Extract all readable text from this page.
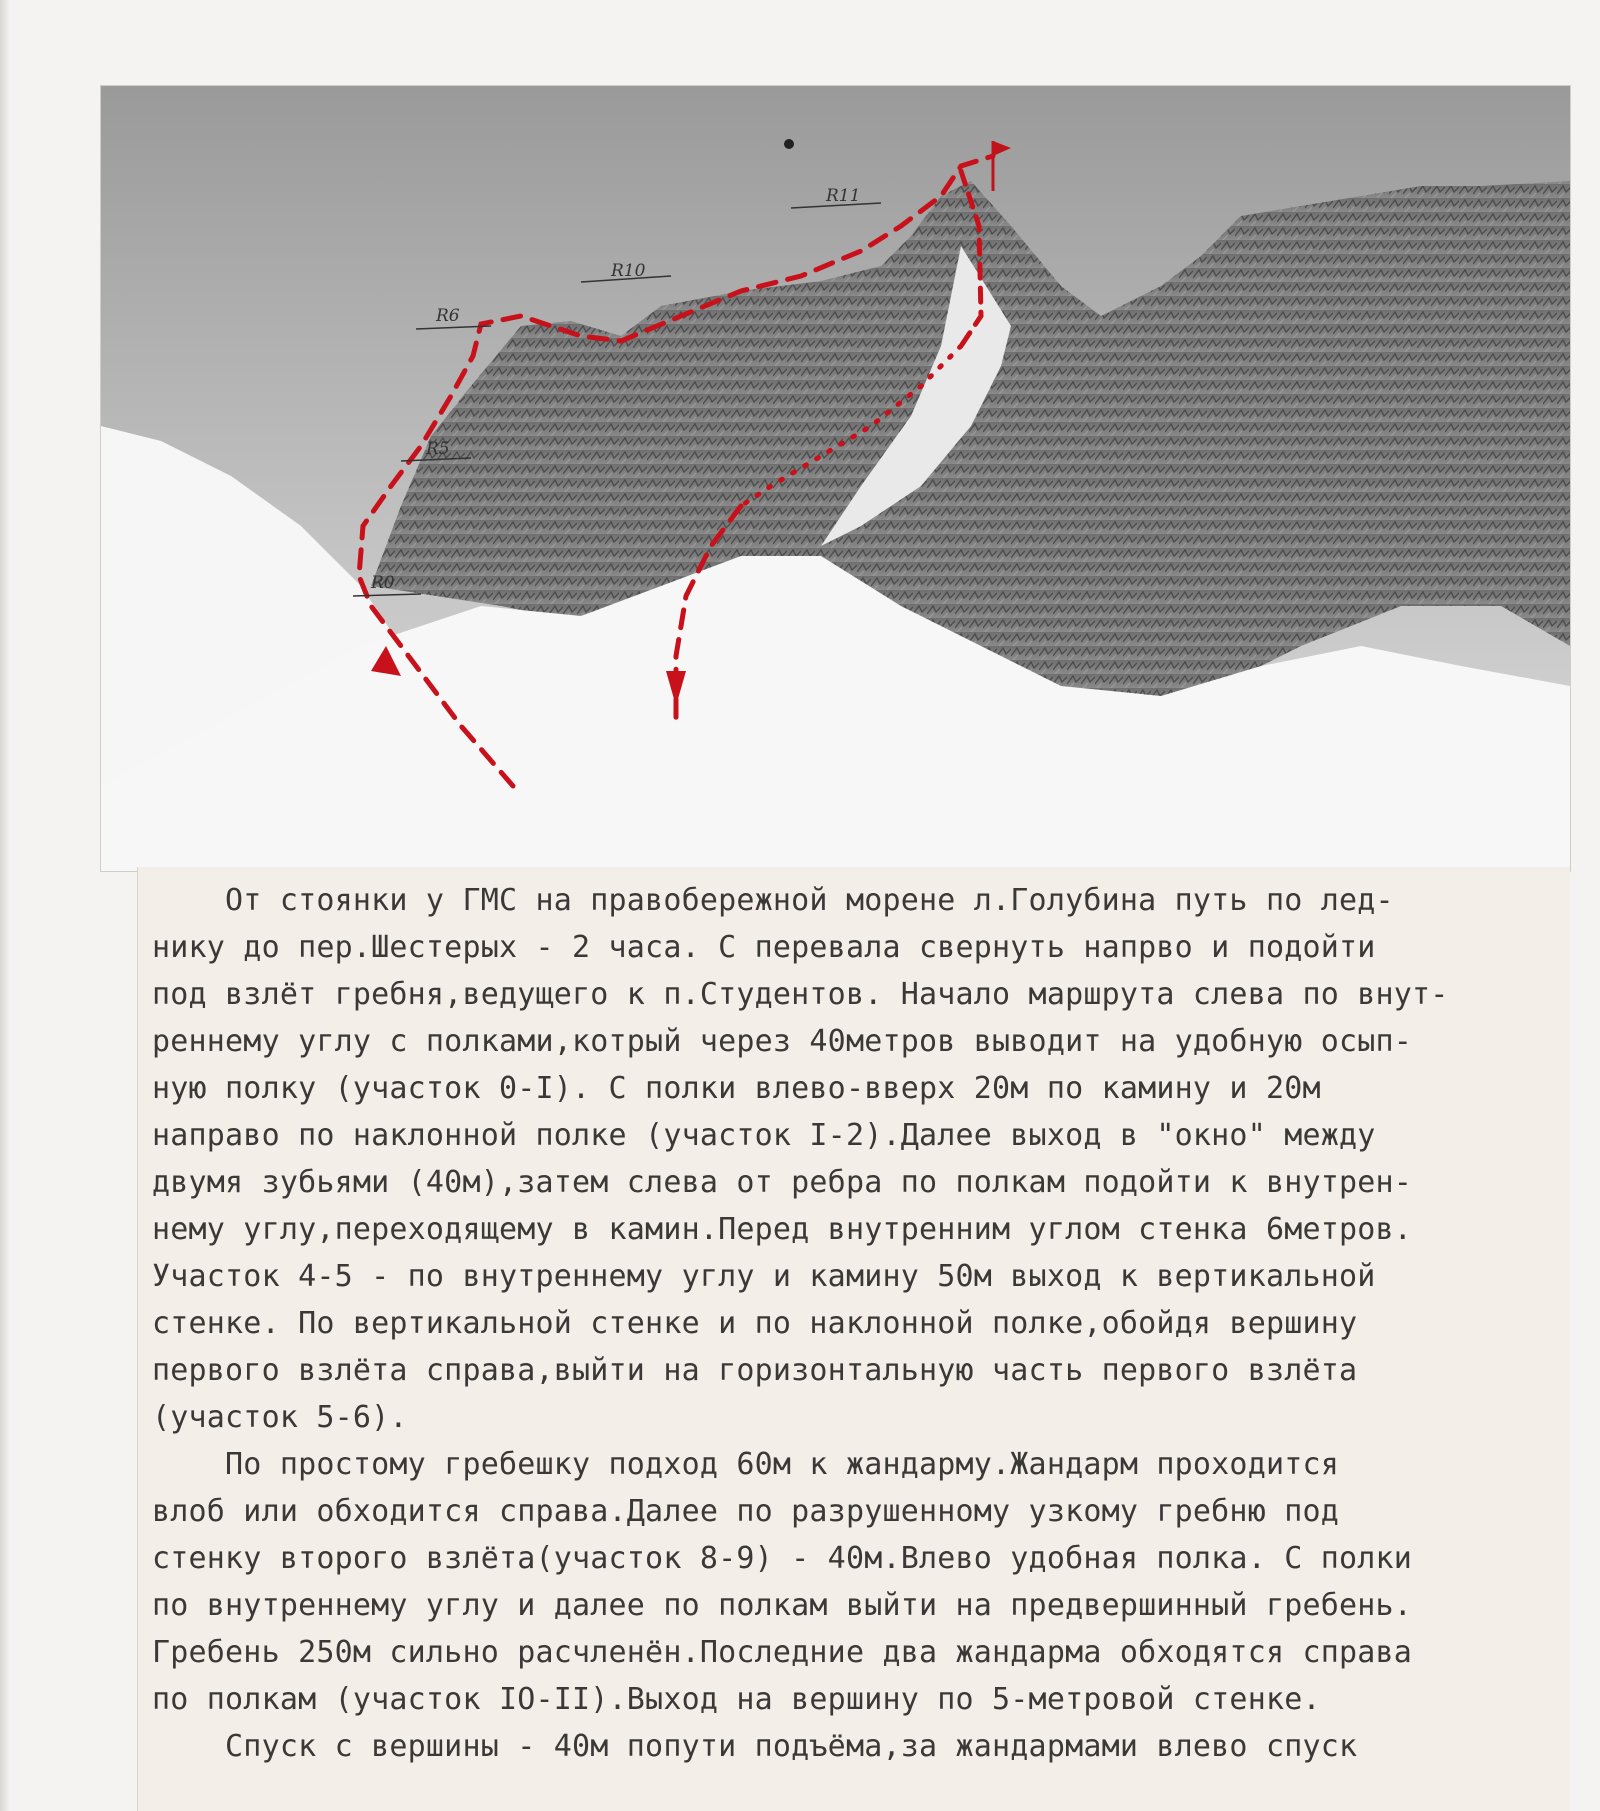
R11
R10
R6
R5
R0
От стоянки у ГМС на правобережной морене л.Голубина путь по лед-
нику до пер.Шестерых - 2 часа. С перевала свернуть напрво и подойти
под взлёт гребня,ведущего к п.Студентов. Начало маршрута слева по внут-
реннему углу с полками,котрый через 40метров выводит на удобную осып-
ную полку (участок 0-I). С полки влево-вверх 20м по камину и 20м
направо по наклонной полке (участок I-2).Далее выход в "окно" между
двумя зубьями (40м),затем слева от ребра по полкам подойти к внутрен-
нему углу,переходящему в камин.Перед внутренним углом стенка 6метров.
Участок 4-5 - по внутреннему углу и камину 50м выход к вертикальной
стенке. По вертикальной стенке и по наклонной полке,обойдя вершину
первого взлёта справа,выйти на горизонтальную часть первого взлёта
(участок 5-6).
По простому гребешку подход 60м к жандарму.Жандарм проходится
влоб или обходится справа.Далее по разрушенному узкому гребню под
стенку второго взлёта(участок 8-9) - 40м.Влево удобная полка. С полки
по внутреннему углу и далее по полкам выйти на предвершинный гребень.
Гребень 250м сильно расчленён.Последние два жандарма обходятся справа
по полкам (участок IO-II).Выход на вершину по 5-метровой стенке.
Спуск с вершины - 40м попути подъёма,за жандармами влево спуск
